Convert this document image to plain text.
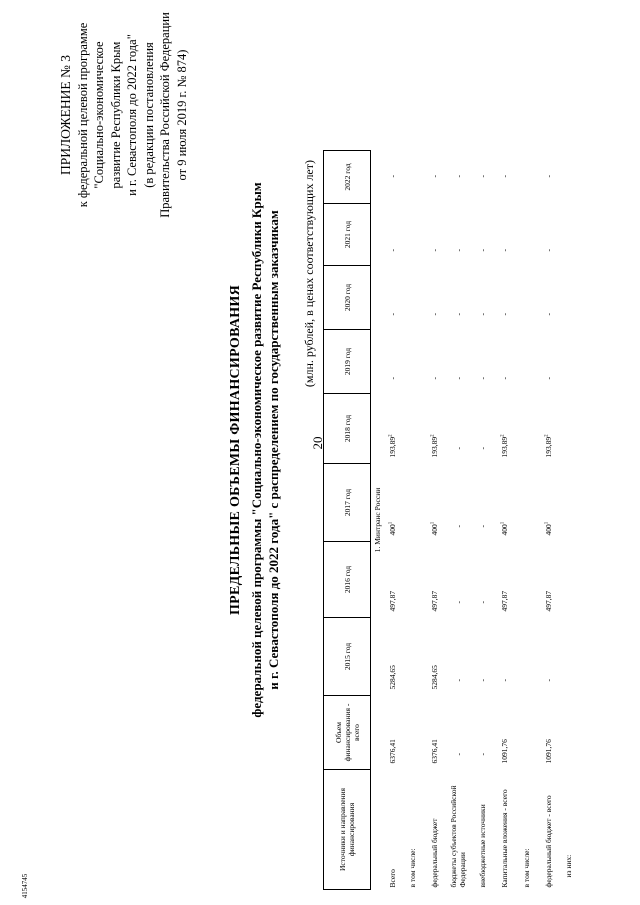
20
4154745
ПРИЛОЖЕНИЕ № 3 к федеральной целевой программе "Социально-экономическое развитие Республики Крым и г. Севастополя до 2022 года" (в редакции постановления Правительства Российской Федерации от 9 июля 2019 г. № 874)
ПРЕДЕЛЬНЫЕ ОБЪЕМЫ ФИНАНСИРОВАНИЯ федеральной целевой программы "Социально-экономическое развитие Республики Крым и г. Севастополя до 2022 года" с распределением по государственным заказчикам (млн. рублей, в ценах соответствующих лет)
Источники и направления финансирования	Объем финансирования - всего	2015 год	2016 год	2017 год	2018 год	2019 год	2020 год	2021 год	2022 год
1. Минтранс России									
Всего	6376,41	5284,65	497,87	$400^1$	193,89$^2$	-	-	-	-
в том числе:									
федеральный бюджет	6376,41	5284,65	497,87	$400^1$	193,89$^2$	-	-	-	-
бюджеты субъектов Российской Федерации	-	-	-	-	-	-	-	-	-
внебюджетные источники	-	-	-	-	-	-	-	-	-
Капитальные вложения - всего	1091,76	-	497,87	$400^1$	193,89$^2$	-	-	-	-
в том числе:									
федеральный бюджет - всего	1091,76	-	497,87	$400^1$	193,89$^2$	-	-	-	-
из них:									
